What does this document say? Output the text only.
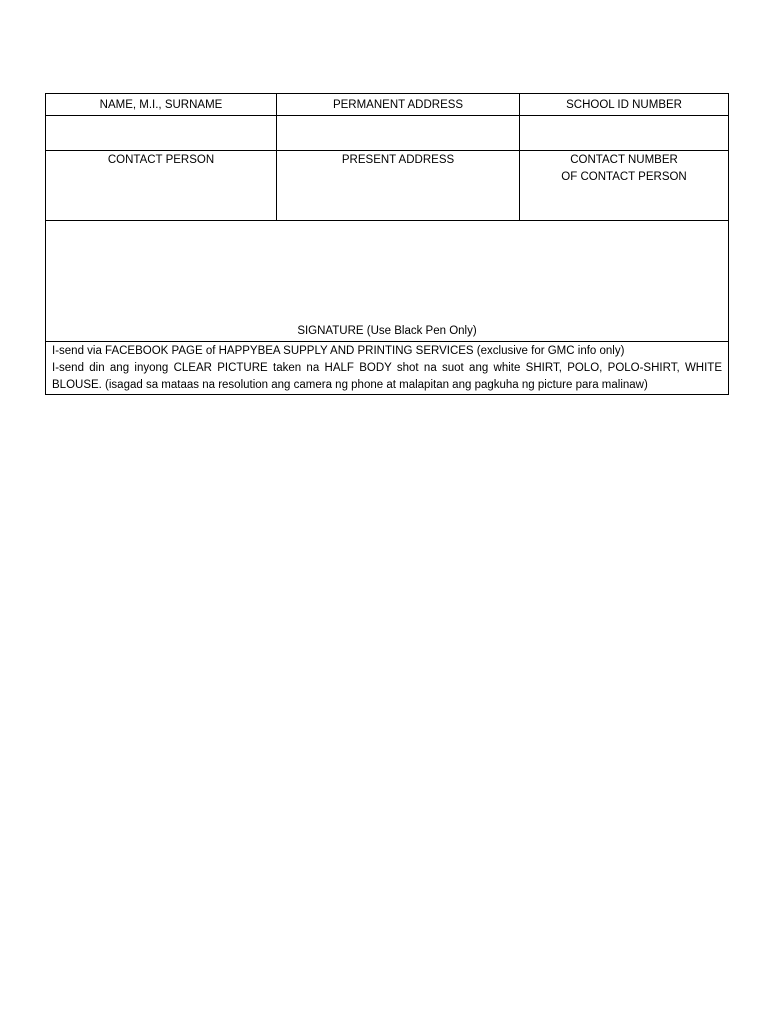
NAME, M.I., SURNAME	PERMANENT ADDRESS	SCHOOL ID NUMBER

CONTACT PERSON	PRESENT ADDRESS	CONTACT NUMBER
OF CONTACT PERSON

SIGNATURE (Use Black Pen Only)		

I-send via FACEBOOK PAGE of HAPPYBEA SUPPLY AND PRINTING SERVICES (exclusive for GMC info only)
I-send din ang inyong CLEAR PICTURE taken na HALF BODY shot na suot ang white SHIRT, POLO, POLO-SHIRT, WHITE BLOUSE. (isagad sa mataas na resolution ang camera ng phone at malapitan ang pagkuha ng picture para malinaw)		
